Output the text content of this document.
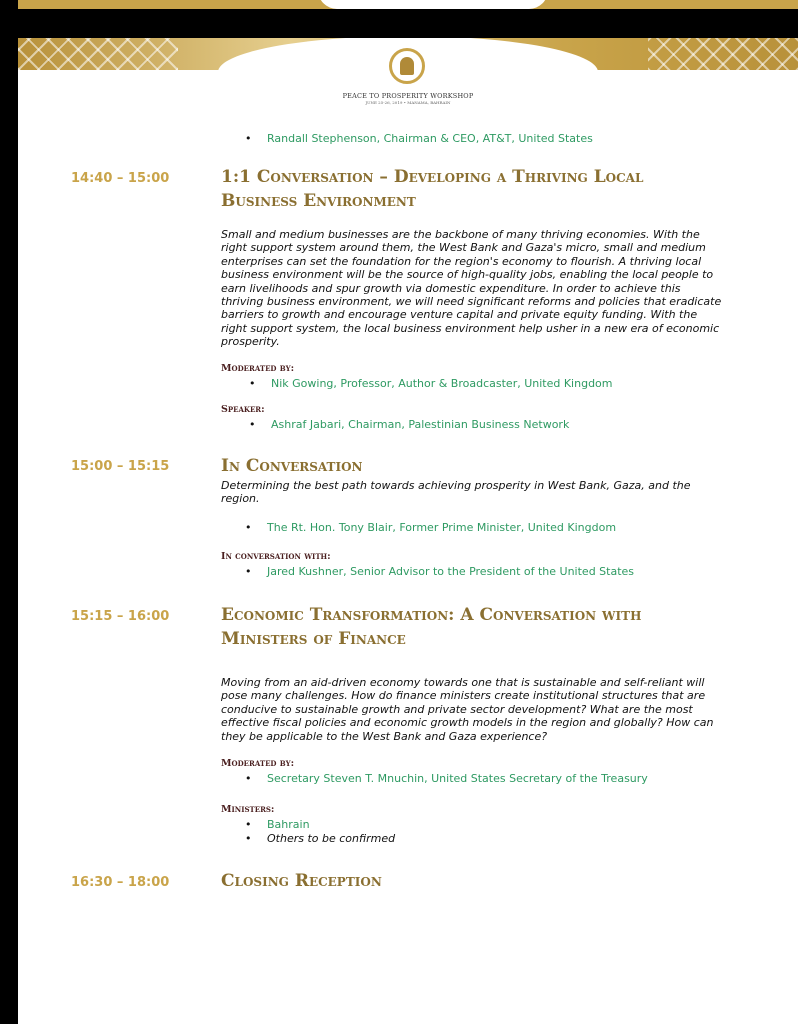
PEACE TO PROSPERITY WORKSHOP
JUNE 25-26, 2019 • MANAMA, BAHRAIN
• Randall Stephenson, Chairman & CEO, AT&T, United States
14:40 – 15:00	1:1 Conversation – Developing a Thriving Local
Business Environment
Small and medium businesses are the backbone of many thriving economies. With the right support system around them, the West Bank and Gaza's micro, small and medium enterprises can set the foundation for the region's economy to flourish. A thriving local business environment will be the source of high-quality jobs, enabling the local people to earn livelihoods and spur growth via domestic expenditure. In order to achieve this thriving business environment, we will need significant reforms and policies that eradicate barriers to growth and encourage venture capital and private equity funding. With the right support system, the local business environment help usher in a new era of economic prosperity.
Moderated by:
• Nik Gowing, Professor, Author & Broadcaster, United Kingdom
Speaker:
• Ashraf Jabari, Chairman, Palestinian Business Network
15:00 – 15:15	In Conversation
Determining the best path towards achieving prosperity in West Bank, Gaza, and the region.
• The Rt. Hon. Tony Blair, Former Prime Minister, United Kingdom
In conversation with:
• Jared Kushner, Senior Advisor to the President of the United States
15:15 – 16:00	Economic Transformation: A Conversation with
Ministers of Finance
Moving from an aid-driven economy towards one that is sustainable and self-reliant will pose many challenges. How do finance ministers create institutional structures that are conducive to sustainable growth and private sector development? What are the most effective fiscal policies and economic growth models in the region and globally? How can they be applicable to the West Bank and Gaza experience?
Moderated by:
• Secretary Steven T. Mnuchin, United States Secretary of the Treasury
Ministers:
• Bahrain
• Others to be confirmed
16:30 – 18:00	Closing Reception
